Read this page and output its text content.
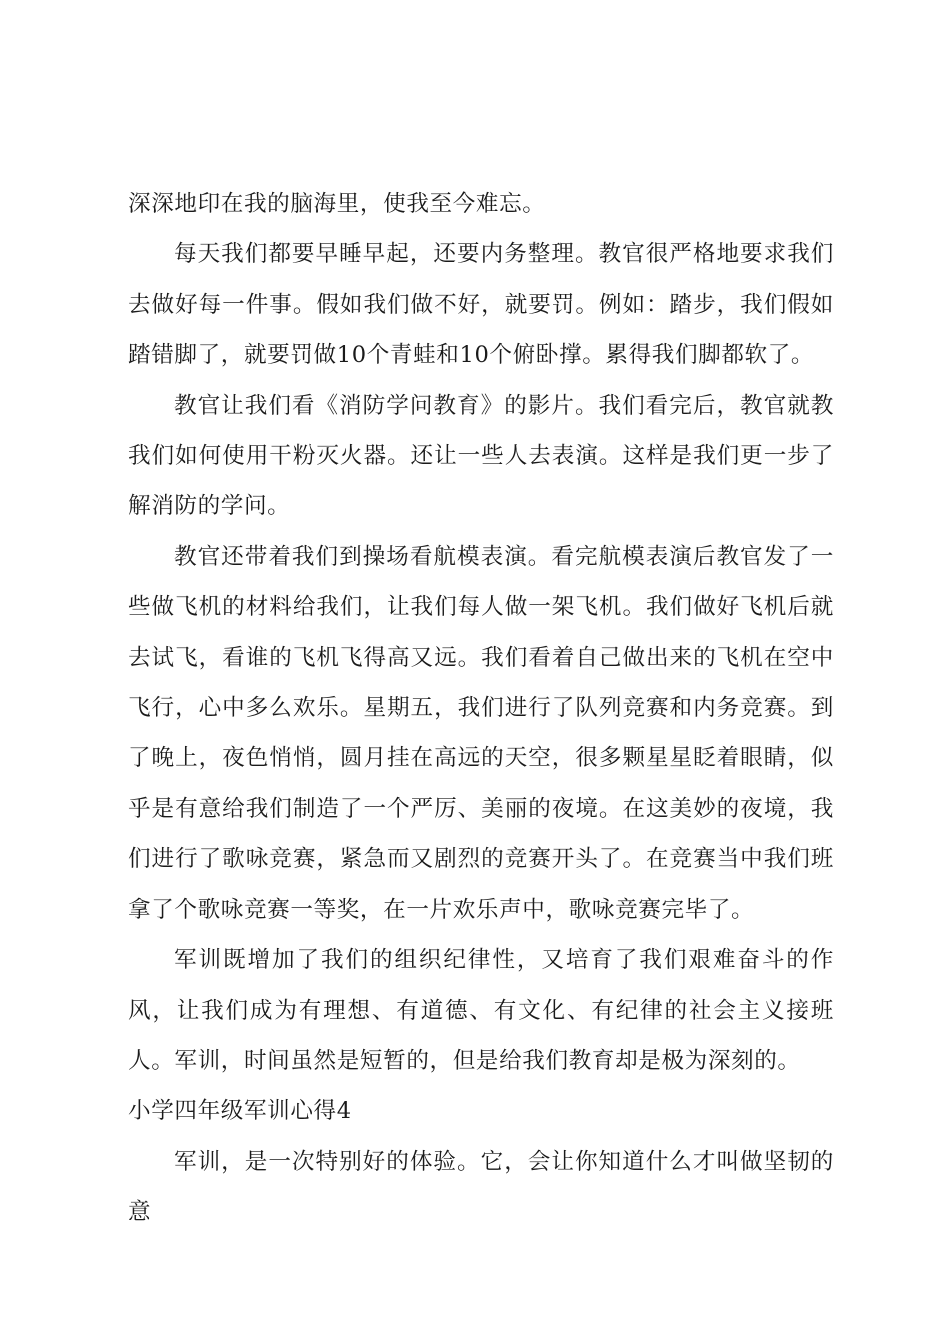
深深地印在我的脑海里，使我至今难忘。

每天我们都要早睡早起，还要内务整理。教官很严格地要求我们去做好每一件事。假如我们做不好，就要罚。例如：踏步，我们假如踏错脚了，就要罚做10个青蛙和10个俯卧撑。累得我们脚都软了。

教官让我们看《消防学问教育》的影片。我们看完后，教官就教我们如何使用干粉灭火器。还让一些人去表演。这样是我们更一步了解消防的学问。

教官还带着我们到操场看航模表演。看完航模表演后教官发了一些做飞机的材料给我们，让我们每人做一架飞机。我们做好飞机后就去试飞，看谁的飞机飞得高又远。我们看着自己做出来的飞机在空中飞行，心中多么欢乐。星期五，我们进行了队列竞赛和内务竞赛。到了晚上，夜色悄悄，圆月挂在高远的天空，很多颗星星眨着眼睛，似乎是有意给我们制造了一个严厉、美丽的夜境。在这美妙的夜境，我们进行了歌咏竞赛，紧急而又剧烈的竞赛开头了。在竞赛当中我们班拿了个歌咏竞赛一等奖，在一片欢乐声中，歌咏竞赛完毕了。

军训既增加了我们的组织纪律性，又培育了我们艰难奋斗的作风，让我们成为有理想、有道德、有文化、有纪律的社会主义接班人。军训，时间虽然是短暂的，但是给我们教育却是极为深刻的。

小学四年级军训心得4

军训，是一次特别好的体验。它，会让你知道什么才叫做坚韧的意
